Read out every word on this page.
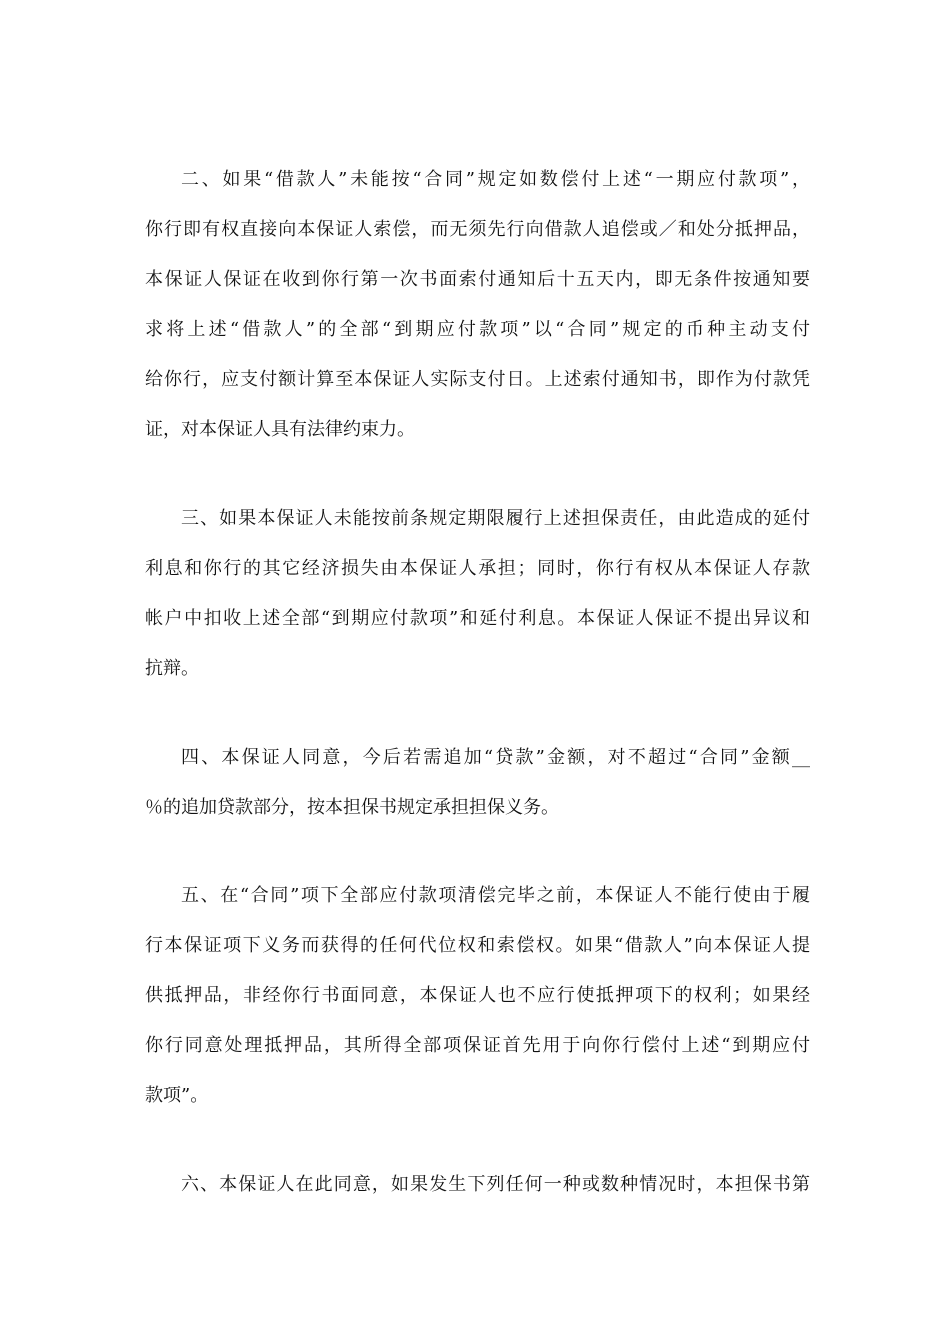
二、如果“借款人”未能按“合同”规定如数偿付上述“一期应付款项”，
你行即有权直接向本保证人索偿，而无须先行向借款人追偿或／和处分抵押品，
本保证人保证在收到你行第一次书面索付通知后十五天内，即无条件按通知要
求将上述“借款人”的全部“到期应付款项”以“合同”规定的币种主动支付
给你行，应支付额计算至本保证人实际支付日。上述索付通知书，即作为付款凭
证，对本保证人具有法律约束力。
三、如果本保证人未能按前条规定期限履行上述担保责任，由此造成的延付
利息和你行的其它经济损失由本保证人承担；同时，你行有权从本保证人存款
帐户中扣收上述全部“到期应付款项”和延付利息。本保证人保证不提出异议和
抗辩。
四、本保证人同意，今后若需追加“贷款”金额，对不超过“合同”金额__
％的追加贷款部分，按本担保书规定承担担保义务。
五、在“合同”项下全部应付款项清偿完毕之前，本保证人不能行使由于履
行本保证项下义务而获得的任何代位权和索偿权。如果“借款人”向本保证人提
供抵押品，非经你行书面同意，本保证人也不应行使抵押项下的权利；如果经
你行同意处理抵押品，其所得全部项保证首先用于向你行偿付上述“到期应付
款项”。
六、本保证人在此同意，如果发生下列任何一种或数种情况时，本担保书第
